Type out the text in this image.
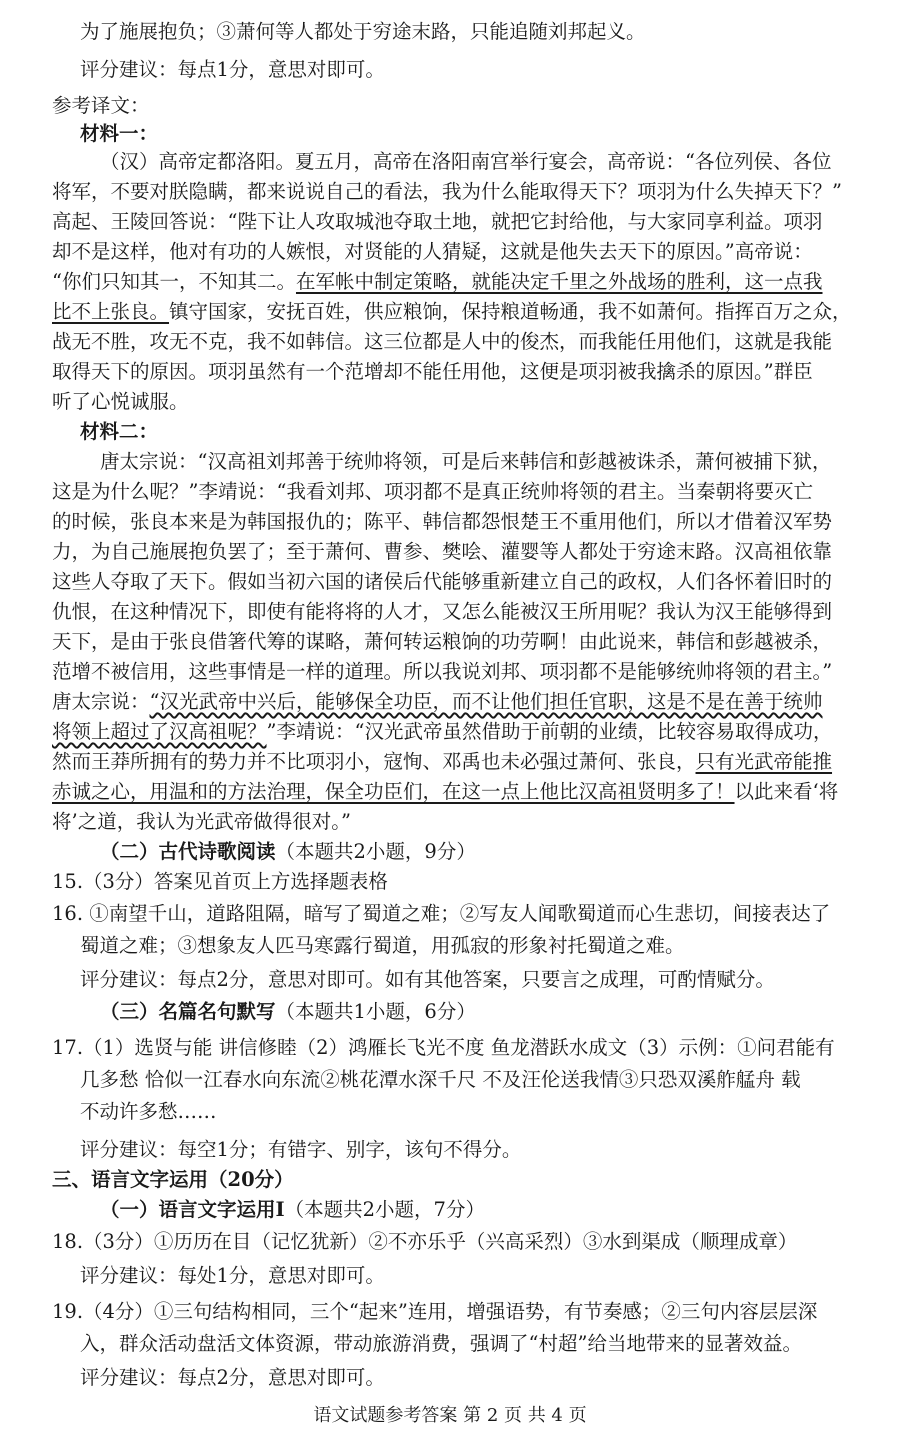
为了施展抱负；③萧何等人都处于穷途末路，只能追随刘邦起义。
评分建议：每点1分，意思对即可。
参考译文：
材料一：
（汉）高帝定都洛阳。夏五月，高帝在洛阳南宫举行宴会，高帝说：“各位列侯、各位
将军，不要对朕隐瞒，都来说说自己的看法，我为什么能取得天下？项羽为什么失掉天下？”
高起、王陵回答说：“陛下让人攻取城池夺取土地，就把它封给他，与大家同享利益。项羽
却不是这样，他对有功的人嫉恨，对贤能的人猜疑，这就是他失去天下的原因。”高帝说：
“你们只知其一，不知其二。在军帐中制定策略，就能决定千里之外战场的胜利，这一点我
比不上张良。镇守国家，安抚百姓，供应粮饷，保持粮道畅通，我不如萧何。指挥百万之众，
战无不胜，攻无不克，我不如韩信。这三位都是人中的俊杰，而我能任用他们，这就是我能
取得天下的原因。项羽虽然有一个范增却不能任用他，这便是项羽被我擒杀的原因。”群臣
听了心悦诚服。
材料二：
唐太宗说：“汉高祖刘邦善于统帅将领，可是后来韩信和彭越被诛杀，萧何被捕下狱，
这是为什么呢？”李靖说：“我看刘邦、项羽都不是真正统帅将领的君主。当秦朝将要灭亡
的时候，张良本来是为韩国报仇的；陈平、韩信都怨恨楚王不重用他们，所以才借着汉军势
力，为自己施展抱负罢了；至于萧何、曹参、樊哙、灌婴等人都处于穷途末路。汉高祖依靠
这些人夺取了天下。假如当初六国的诸侯后代能够重新建立自己的政权，人们各怀着旧时的
仇恨，在这种情况下，即使有能将将的人才，又怎么能被汉王所用呢？我认为汉王能够得到
天下，是由于张良借箸代筹的谋略，萧何转运粮饷的功劳啊！由此说来，韩信和彭越被杀，
范增不被信用，这些事情是一样的道理。所以我说刘邦、项羽都不是能够统帅将领的君主。”
唐太宗说：“汉光武帝中兴后，能够保全功臣，而不让他们担任官职，这是不是在善于统帅
将领上超过了汉高祖呢？”李靖说：“汉光武帝虽然借助于前朝的业绩，比较容易取得成功，
然而王莽所拥有的势力并不比项羽小，寇恂、邓禹也未必强过萧何、张良，只有光武帝能推
赤诚之心，用温和的方法治理，保全功臣们，在这一点上他比汉高祖贤明多了！以此来看‘将
将’之道，我认为光武帝做得很对。”
（二）古代诗歌阅读（本题共2小题，9分）
15.（3分）答案见首页上方选择题表格
16. ①南望千山，道路阻隔，暗写了蜀道之难；②写友人闻歌蜀道而心生悲切，间接表达了
蜀道之难；③想象友人匹马寒露行蜀道，用孤寂的形象衬托蜀道之难。
评分建议：每点2分，意思对即可。如有其他答案，只要言之成理，可酌情赋分。
（三）名篇名句默写（本题共1小题，6分）
17.（1）选贤与能 讲信修睦（2）鸿雁长飞光不度 鱼龙潜跃水成文（3）示例：①问君能有
几多愁 恰似一江春水向东流②桃花潭水深千尺 不及汪伦送我情③只恐双溪舴艋舟 载
不动许多愁……
评分建议：每空1分；有错字、别字，该句不得分。
三、语言文字运用（20分）
（一）语言文字运用Ⅰ（本题共2小题，7分）
18.（3分）①历历在目（记忆犹新）②不亦乐乎（兴高采烈）③水到渠成（顺理成章）
评分建议：每处1分，意思对即可。
19.（4分）①三句结构相同，三个“起来”连用，增强语势，有节奏感；②三句内容层层深
入，群众活动盘活文体资源，带动旅游消费，强调了“村超”给当地带来的显著效益。
评分建议：每点2分，意思对即可。
语文试题参考答案 第 2 页 共 4 页
